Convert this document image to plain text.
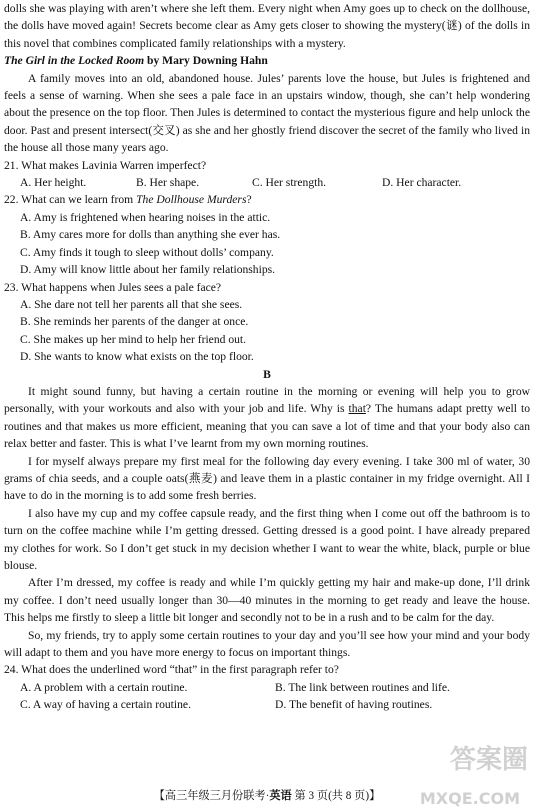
dolls she was playing with aren’t where she left them. Every night when Amy goes up to check on the dollhouse, the dolls have moved again! Secrets become clear as Amy gets closer to showing the mystery(谜) of the dolls in this novel that combines complicated family relationships with a mystery.

The Girl in the Locked Room by Mary Downing Hahn

A family moves into an old, abandoned house. Jules’ parents love the house, but Jules is frightened and feels a sense of warning. When she sees a pale face in an upstairs window, though, she can’t help wondering about the presence on the top floor. Then Jules is determined to contact the mysterious figure and help unlock the door. Past and present intersect(交叉) as she and her ghostly friend discover the secret of the family who lived in the house all those many years ago.

21. What makes Lavinia Warren imperfect?

A. Her height.	B. Her shape.	C. Her strength.	D. Her character.

22. What can we learn from The Dollhouse Murders?

A. Amy is frightened when hearing noises in the attic.

B. Amy cares more for dolls than anything she ever has.

C. Amy finds it tough to sleep without dolls’ company.

D. Amy will know little about her family relationships.

23. What happens when Jules sees a pale face?

A. She dare not tell her parents all that she sees.

B. She reminds her parents of the danger at once.

C. She makes up her mind to help her friend out.

D. She wants to know what exists on the top floor.

B

It might sound funny, but having a certain routine in the morning or evening will help you to grow personally, with your workouts and also with your job and life. Why is that? The humans adapt pretty well to routines and that makes us more efficient, meaning that you can save a lot of time and that your body also can relax better and faster. This is what I’ve learnt from my own morning routines.

I for myself always prepare my first meal for the following day every evening. I take 300 ml of water, 30 grams of chia seeds, and a couple oats(燕麦) and leave them in a plastic container in my fridge overnight. All I have to do in the morning is to add some fresh berries.

I also have my cup and my coffee capsule ready, and the first thing when I come out off the bathroom is to turn on the coffee machine while I’m getting dressed. Getting dressed is a good point. I have already prepared my clothes for work. So I don’t get stuck in my decision whether I want to wear the white, black, purple or blue blouse.

After I’m dressed, my coffee is ready and while I’m quickly getting my hair and make-up done, I’ll drink my coffee. I don’t need usually longer than 30—40 minutes in the morning to get ready and leave the house. This helps me firstly to sleep a little bit longer and secondly not to be in a rush and to be calm for the day.

So, my friends, try to apply some certain routines to your day and you’ll see how your mind and your body will adapt to them and you have more energy to focus on important things.

24. What does the underlined word “that” in the first paragraph refer to?

A. A problem with a certain routine.	B. The link between routines and life.
C. A way of having a certain routine.	D. The benefit of having routines.
答案圈
MXQE.COM
【高三年级三月份联考·英语 第 3 页(共 8 页)】
